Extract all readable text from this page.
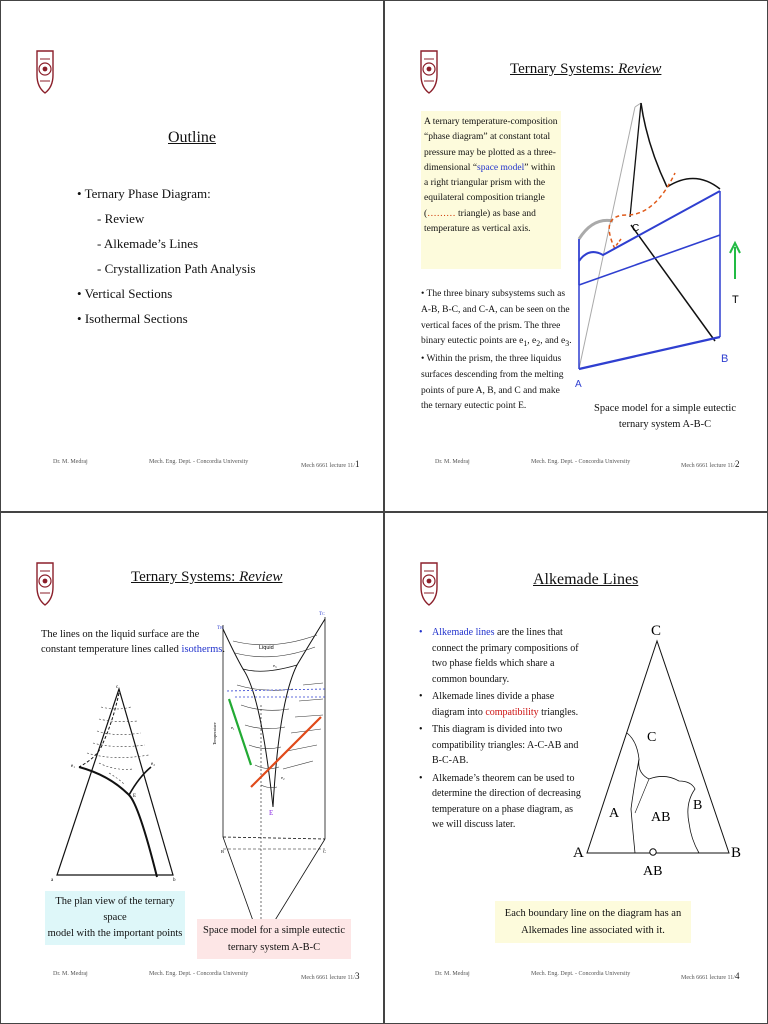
Outline
• Ternary Phase Diagram:
- Review
- Alkemade’s Lines
- Crystallization Path Analysis
• Vertical Sections
• Isothermal Sections
Dr. M. Medraj	Mech. Eng. Dept. - Concordia University
Mech 6661 lecture 11/1
Ternary Systems: Review
A ternary temperature-composition
“phase diagram” at constant total
pressure may be plotted as a three-
dimensional “space model” within
a right triangular prism with the
equilateral composition triangle
(……… triangle) as base and
temperature as vertical axis.
• The three binary subsystems such as
A-B, B-C, and C-A, can be seen on the
vertical faces of the prism. The three
binary eutectic points are $e_1$, $e_2$, and $e_3$.
• Within the prism, the three liquidus
surfaces descending from the melting
points of pure A, B, and C and make
the ternary eutectic point E.
C
T
A
B
Space model for a simple eutectic
ternary system A-B-C
Dr. M. Medraj	Mech. Eng. Dept. - Concordia University
Mech 6661 lecture 11/2
Ternary Systems: Review
The lines on the liquid surface are the
constant temperature lines called isotherms.
c
a	b
e₁	e₂
E
The plan view of the ternary space
model with the important points
TB
TC
Liquid
Temperature
E
B	C
e₁
e₂
e₃
Space model for a simple eutectic
ternary system A-B-C
Dr. M. Medraj	Mech. Eng. Dept. - Concordia University
Mech 6661 lecture 11/3
Alkemade Lines
• Alkemade lines are the lines that
connect the primary compositions of
two phase fields which share a
common boundary.
• Alkemade lines divide a phase
diagram into compatibility triangles.
• This diagram is divided into two
compatibility triangles: A-C-AB and
B-C-AB.
• Alkemade’s theorem can be used to
determine the direction of decreasing
temperature on a phase diagram, as
we will discuss later.
C
C
A AB
B
A	B
AB
Each boundary line on the diagram has an
Alkemades line associated with it.
Dr. M. Medraj	Mech. Eng. Dept. - Concordia University
Mech 6661 lecture 11/4
